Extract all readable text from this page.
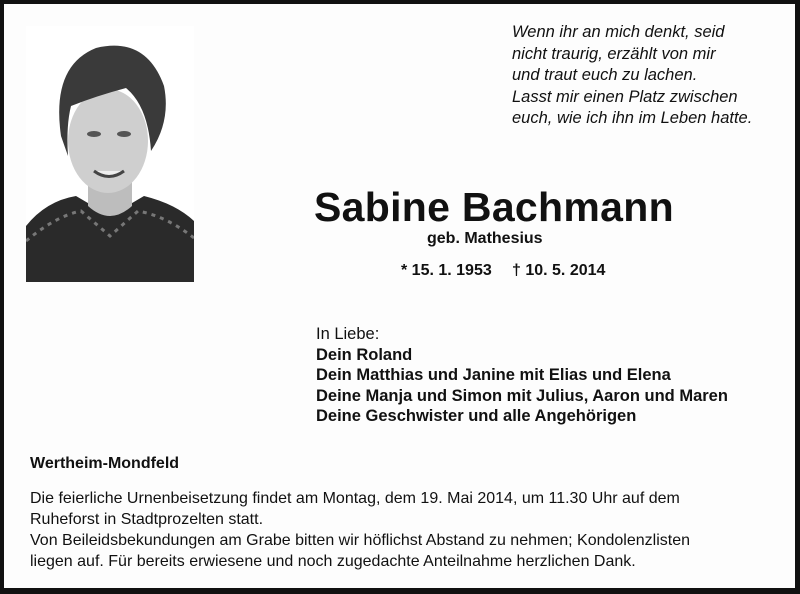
Wenn ihr an mich denkt, seid
nicht traurig, erzählt von mir
und traut euch zu lachen.
Lasst mir einen Platz zwischen
euch, wie ich ihn im Leben hatte.
Sabine Bachmann
geb. Mathesius
* 15. 1. 1953 † 10. 5. 2014
In Liebe:
Dein Roland
Dein Matthias und Janine mit Elias und Elena
Deine Manja und Simon mit Julius, Aaron und Maren
Deine Geschwister und alle Angehörigen
Wertheim-Mondfeld
Die feierliche Urnenbeisetzung findet am Montag, dem 19. Mai 2014, um 11.30 Uhr auf dem
Ruheforst in Stadtprozelten statt.
Von Beileidsbekundungen am Grabe bitten wir höflichst Abstand zu nehmen; Kondolenzlisten
liegen auf. Für bereits erwiesene und noch zugedachte Anteilnahme herzlichen Dank.
